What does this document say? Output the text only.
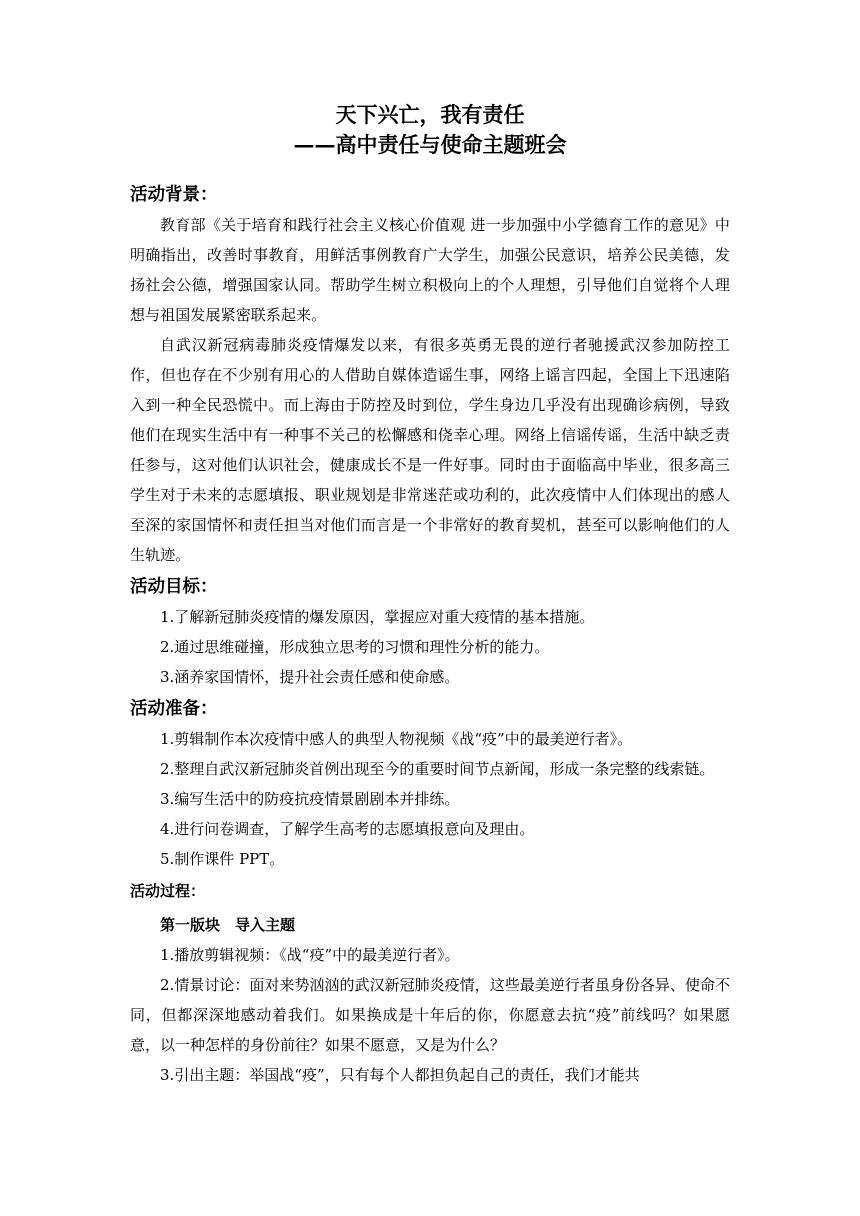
天下兴亡，我有责任
——高中责任与使命主题班会
活动背景：

教育部《关于培育和践行社会主义核心价值观 进一步加强中小学德育工作的意见》中明确指出，改善时事教育，用鲜活事例教育广大学生，加强公民意识，培养公民美德，发扬社会公德，增强国家认同。帮助学生树立积极向上的个人理想，引导他们自觉将个人理想与祖国发展紧密联系起来。

自武汉新冠病毒肺炎疫情爆发以来，有很多英勇无畏的逆行者驰援武汉参加防控工作，但也存在不少别有用心的人借助自媒体造谣生事，网络上谣言四起，全国上下迅速陷入到一种全民恐慌中。而上海由于防控及时到位，学生身边几乎没有出现确诊病例，导致他们在现实生活中有一种事不关己的松懈感和侥幸心理。网络上信谣传谣，生活中缺乏责任参与，这对他们认识社会，健康成长不是一件好事。同时由于面临高中毕业，很多高三学生对于未来的志愿填报、职业规划是非常迷茫或功利的，此次疫情中人们体现出的感人至深的家国情怀和责任担当对他们而言是一个非常好的教育契机，甚至可以影响他们的人生轨迹。

活动目标：
1.了解新冠肺炎疫情的爆发原因，掌握应对重大疫情的基本措施。
2.通过思维碰撞，形成独立思考的习惯和理性分析的能力。
3.涵养家国情怀，提升社会责任感和使命感。
活动准备：
1.剪辑制作本次疫情中感人的典型人物视频《战“疫”中的最美逆行者》。
2.整理自武汉新冠肺炎首例出现至今的重要时间节点新闻，形成一条完整的线索链。
3.编写生活中的防疫抗疫情景剧剧本并排练。
4.进行问卷调查，了解学生高考的志愿填报意向及理由。
5.制作课件 PPT。
活动过程：
第一版块　导入主题
1.播放剪辑视频：《战“疫”中的最美逆行者》。
2.情景讨论：面对来势汹汹的武汉新冠肺炎疫情，这些最美逆行者虽身份各异、使命不同，但都深深地感动着我们。如果换成是十年后的你，你愿意去抗“疫”前线吗？如果愿意，以一种怎样的身份前往？如果不愿意，又是为什么？
3.引出主题：举国战“疫”，只有每个人都担负起自己的责任，我们才能共
